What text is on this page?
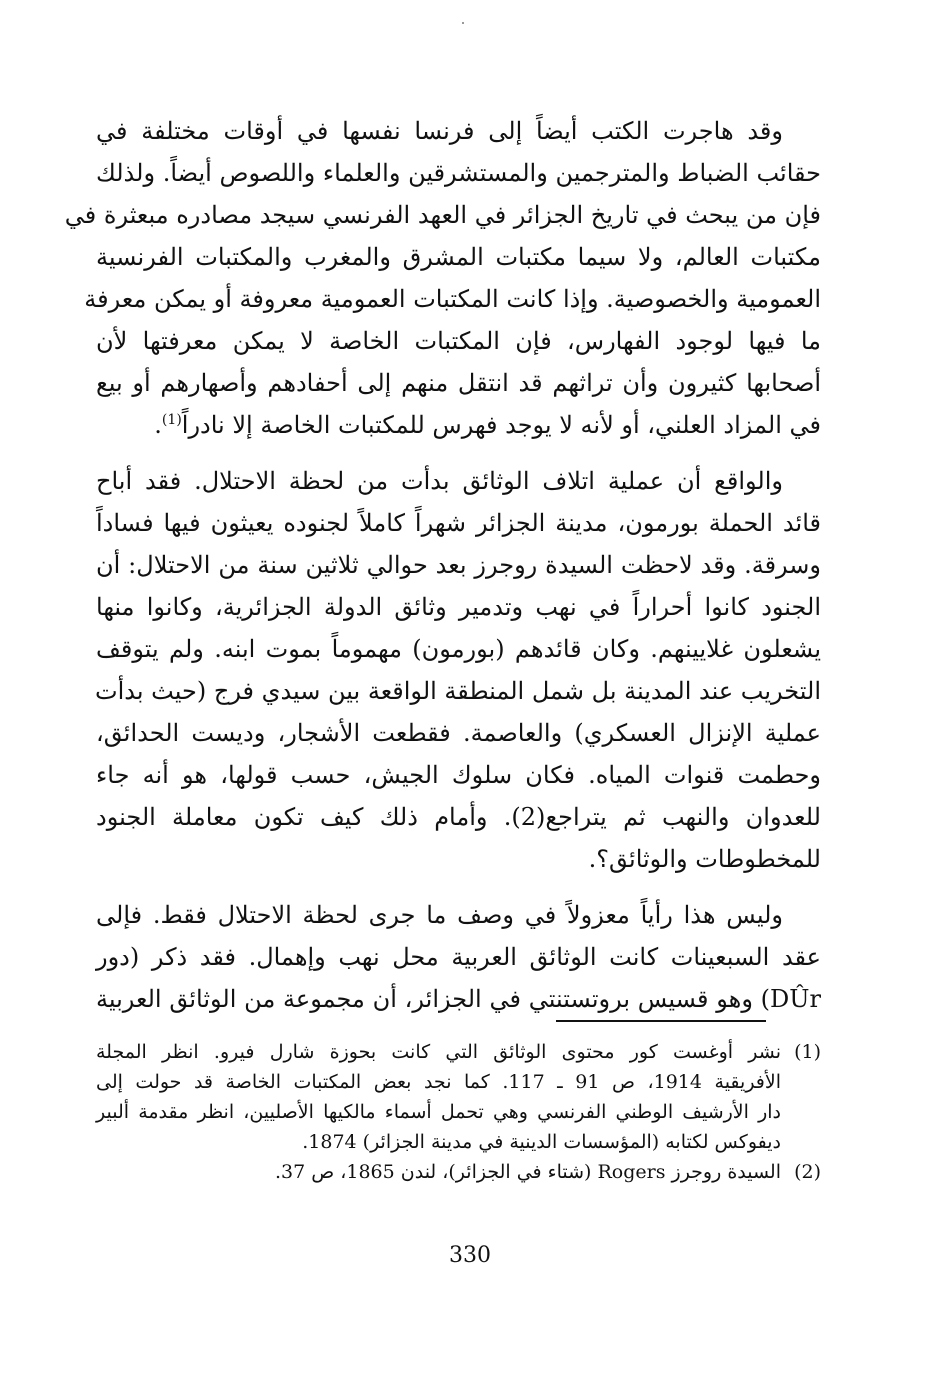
وقد هاجرت الكتب أيضاً إلى فرنسا نفسها في أوقات مختلفة في
حقائب الضباط والمترجمين والمستشرقين والعلماء واللصوص أيضاً. ولذلك
فإن من يبحث في تاريخ الجزائر في العهد الفرنسي سيجد مصادره مبعثرة في
مكتبات العالم، ولا سيما مكتبات المشرق والمغرب والمكتبات الفرنسية
العمومية والخصوصية. وإذا كانت المكتبات العمومية معروفة أو يمكن معرفة
ما فيها لوجود الفهارس، فإن المكتبات الخاصة لا يمكن معرفتها لأن
أصحابها كثيرون وأن تراثهم قد انتقل منهم إلى أحفادهم وأصهارهم أو بيع
في المزاد العلني، أو لأنه لا يوجد فهرس للمكتبات الخاصة إلا نادراً$^{(1)}$.

والواقع أن عملية اتلاف الوثائق بدأت من لحظة الاحتلال. فقد أباح
قائد الحملة بورمون، مدينة الجزائر شهراً كاملاً لجنوده يعيثون فيها فساداً
وسرقة. وقد لاحظت السيدة روجرز بعد حوالي ثلاثين سنة من الاحتلال: أن
الجنود كانوا أحراراً في نهب وتدمير وثائق الدولة الجزائرية، وكانوا منها
يشعلون غلايينهم. وكان قائدهم (بورمون) مهموماً بموت ابنه. ولم يتوقف
التخريب عند المدينة بل شمل المنطقة الواقعة بين سيدي فرج (حيث بدأت
عملية الإنزال العسكري) والعاصمة. فقطعت الأشجار، وديست الحدائق،
وحطمت قنوات المياه. فكان سلوك الجيش، حسب قولها، هو أنه جاء
للعدوان والنهب ثم يتراجع(2). وأمام ذلك كيف تكون معاملة الجنود
للمخطوطات والوثائق؟.

وليس هذا رأياً معزولاً في وصف ما جرى لحظة الاحتلال فقط. فإلى
عقد السبعينات كانت الوثائق العربية محل نهب وإهمال. فقد ذكر (دور
DÛr) وهو قسيس بروتستنتي في الجزائر، أن مجموعة من الوثائق العربية

(1)
نشر أوغست كور محتوى الوثائق التي كانت بحوزة شارل فيرو. انظر المجلة
الأفريقية 1914، ص 91 ـ 117. كما نجد بعض المكتبات الخاصة قد حولت إلى
دار الأرشيف الوطني الفرنسي وهي تحمل أسماء مالكيها الأصليين، انظر مقدمة ألبير
ديفوكس لكتابه (المؤسسات الدينية في مدينة الجزائر) 1874.
(2)
السيدة روجرز Rogers (شتاء في الجزائر)، لندن 1865، ص 37.
330
